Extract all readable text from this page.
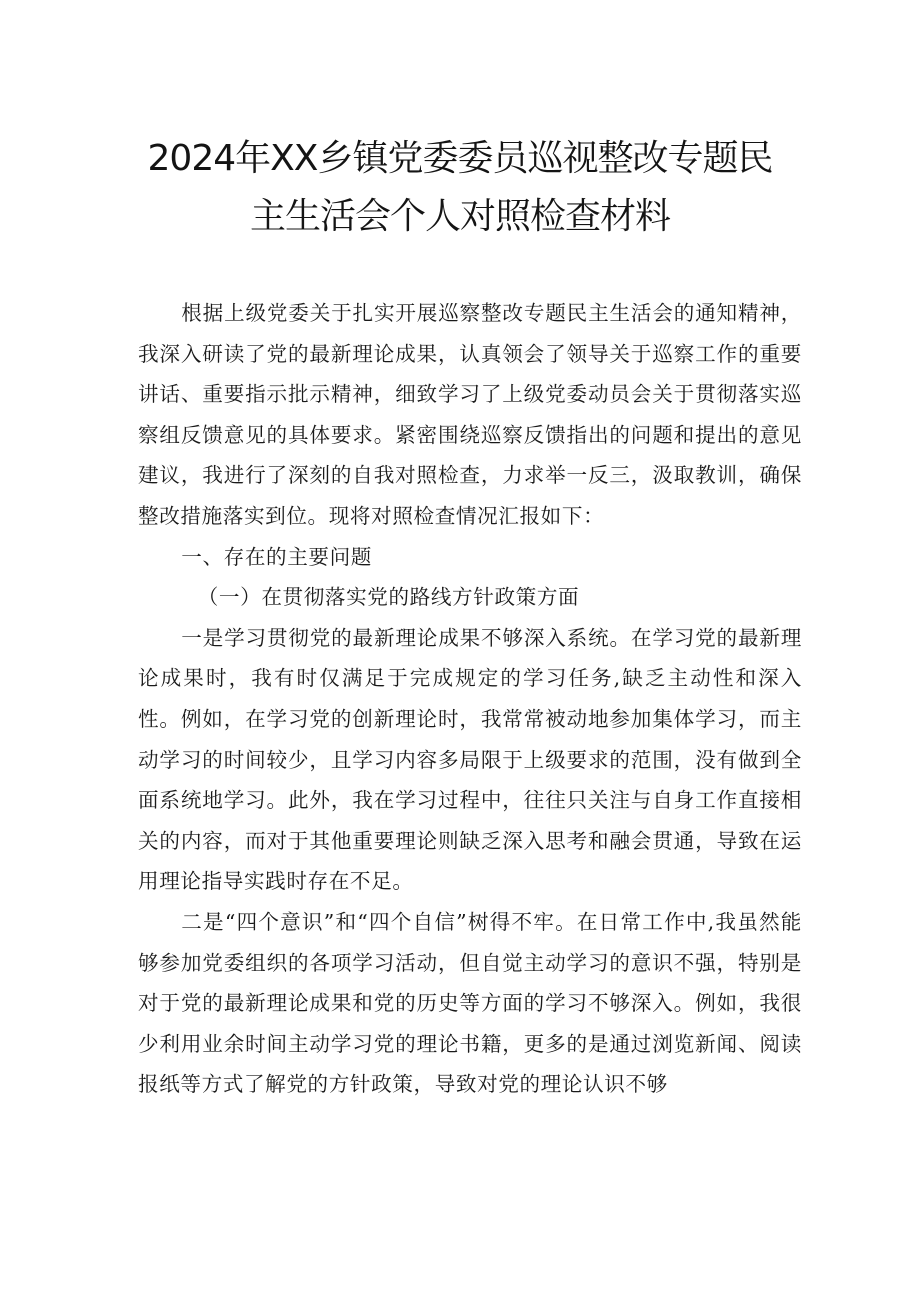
2024年XX乡镇党委委员巡视整改专题民
主生活会个人对照检查材料

根据上级党委关于扎实开展巡察整改专题民主生活会的通知精神，我深入研读了党的最新理论成果，认真领会了领导关于巡察工作的重要讲话、重要指示批示精神，细致学习了上级党委动员会关于贯彻落实巡察组反馈意见的具体要求。紧密围绕巡察反馈指出的问题和提出的意见建议，我进行了深刻的自我对照检查，力求举一反三，汲取教训，确保整改措施落实到位。现将对照检查情况汇报如下：

一、存在的主要问题

（一）在贯彻落实党的路线方针政策方面

一是学习贯彻党的最新理论成果不够深入系统。在学习党的最新理论成果时，我有时仅满足于完成规定的学习任务,缺乏主动性和深入性。例如，在学习党的创新理论时，我常常被动地参加集体学习，而主动学习的时间较少，且学习内容多局限于上级要求的范围，没有做到全面系统地学习。此外，我在学习过程中，往往只关注与自身工作直接相关的内容，而对于其他重要理论则缺乏深入思考和融会贯通，导致在运用理论指导实践时存在不足。

二是“四个意识”和“四个自信”树得不牢。在日常工作中,我虽然能够参加党委组织的各项学习活动，但自觉主动学习的意识不强，特别是对于党的最新理论成果和党的历史等方面的学习不够深入。例如，我很少利用业余时间主动学习党的理论书籍，更多的是通过浏览新闻、阅读报纸等方式了解党的方针政策，导致对党的理论认识不够
